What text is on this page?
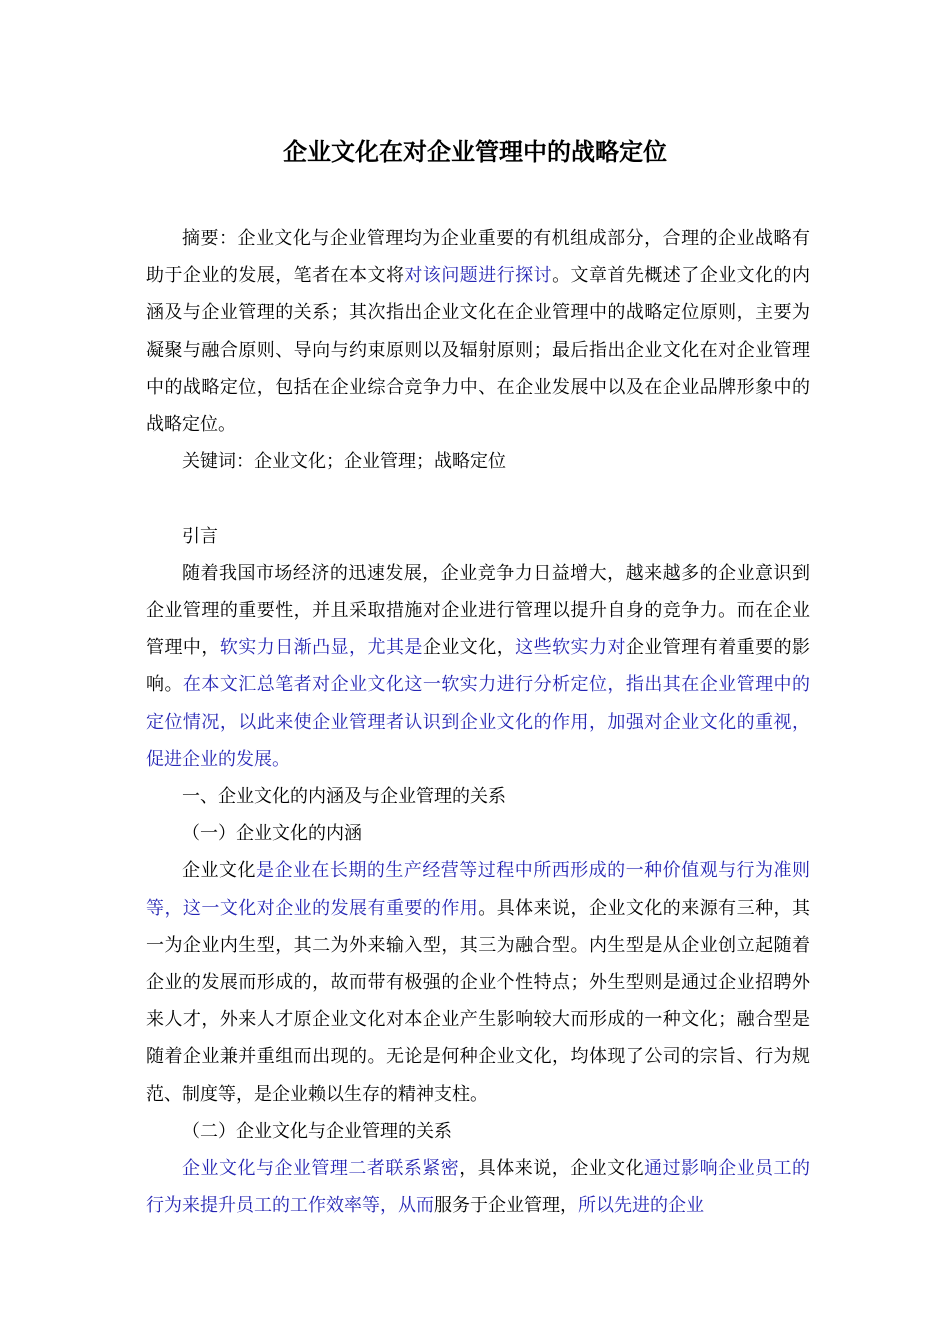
企业文化在对企业管理中的战略定位

摘要：企业文化与企业管理均为企业重要的有机组成部分，合理的企业战略有助于企业的发展，笔者在本文将对该问题进行探讨。文章首先概述了企业文化的内涵及与企业管理的关系；其次指出企业文化在企业管理中的战略定位原则，主要为凝聚与融合原则、导向与约束原则以及辐射原则；最后指出企业文化在对企业管理中的战略定位，包括在企业综合竞争力中、在企业发展中以及在企业品牌形象中的战略定位。

关键词：企业文化；企业管理；战略定位

引言

随着我国市场经济的迅速发展，企业竞争力日益增大，越来越多的企业意识到企业管理的重要性，并且采取措施对企业进行管理以提升自身的竞争力。而在企业管理中，软实力日渐凸显，尤其是企业文化，这些软实力对企业管理有着重要的影响。在本文汇总笔者对企业文化这一软实力进行分析定位，指出其在企业管理中的定位情况，以此来使企业管理者认识到企业文化的作用，加强对企业文化的重视，促进企业的发展。

一、企业文化的内涵及与企业管理的关系

（一）企业文化的内涵

企业文化是企业在长期的生产经营等过程中所西形成的一种价值观与行为准则等，这一文化对企业的发展有重要的作用。具体来说，企业文化的来源有三种，其一为企业内生型，其二为外来输入型，其三为融合型。内生型是从企业创立起随着企业的发展而形成的，故而带有极强的企业个性特点；外生型则是通过企业招聘外来人才，外来人才原企业文化对本企业产生影响较大而形成的一种文化；融合型是随着企业兼并重组而出现的。无论是何种企业文化，均体现了公司的宗旨、行为规范、制度等，是企业赖以生存的精神支柱。

（二）企业文化与企业管理的关系

企业文化与企业管理二者联系紧密，具体来说，企业文化通过影响企业员工的行为来提升员工的工作效率等，从而服务于企业管理，所以先进的企业
